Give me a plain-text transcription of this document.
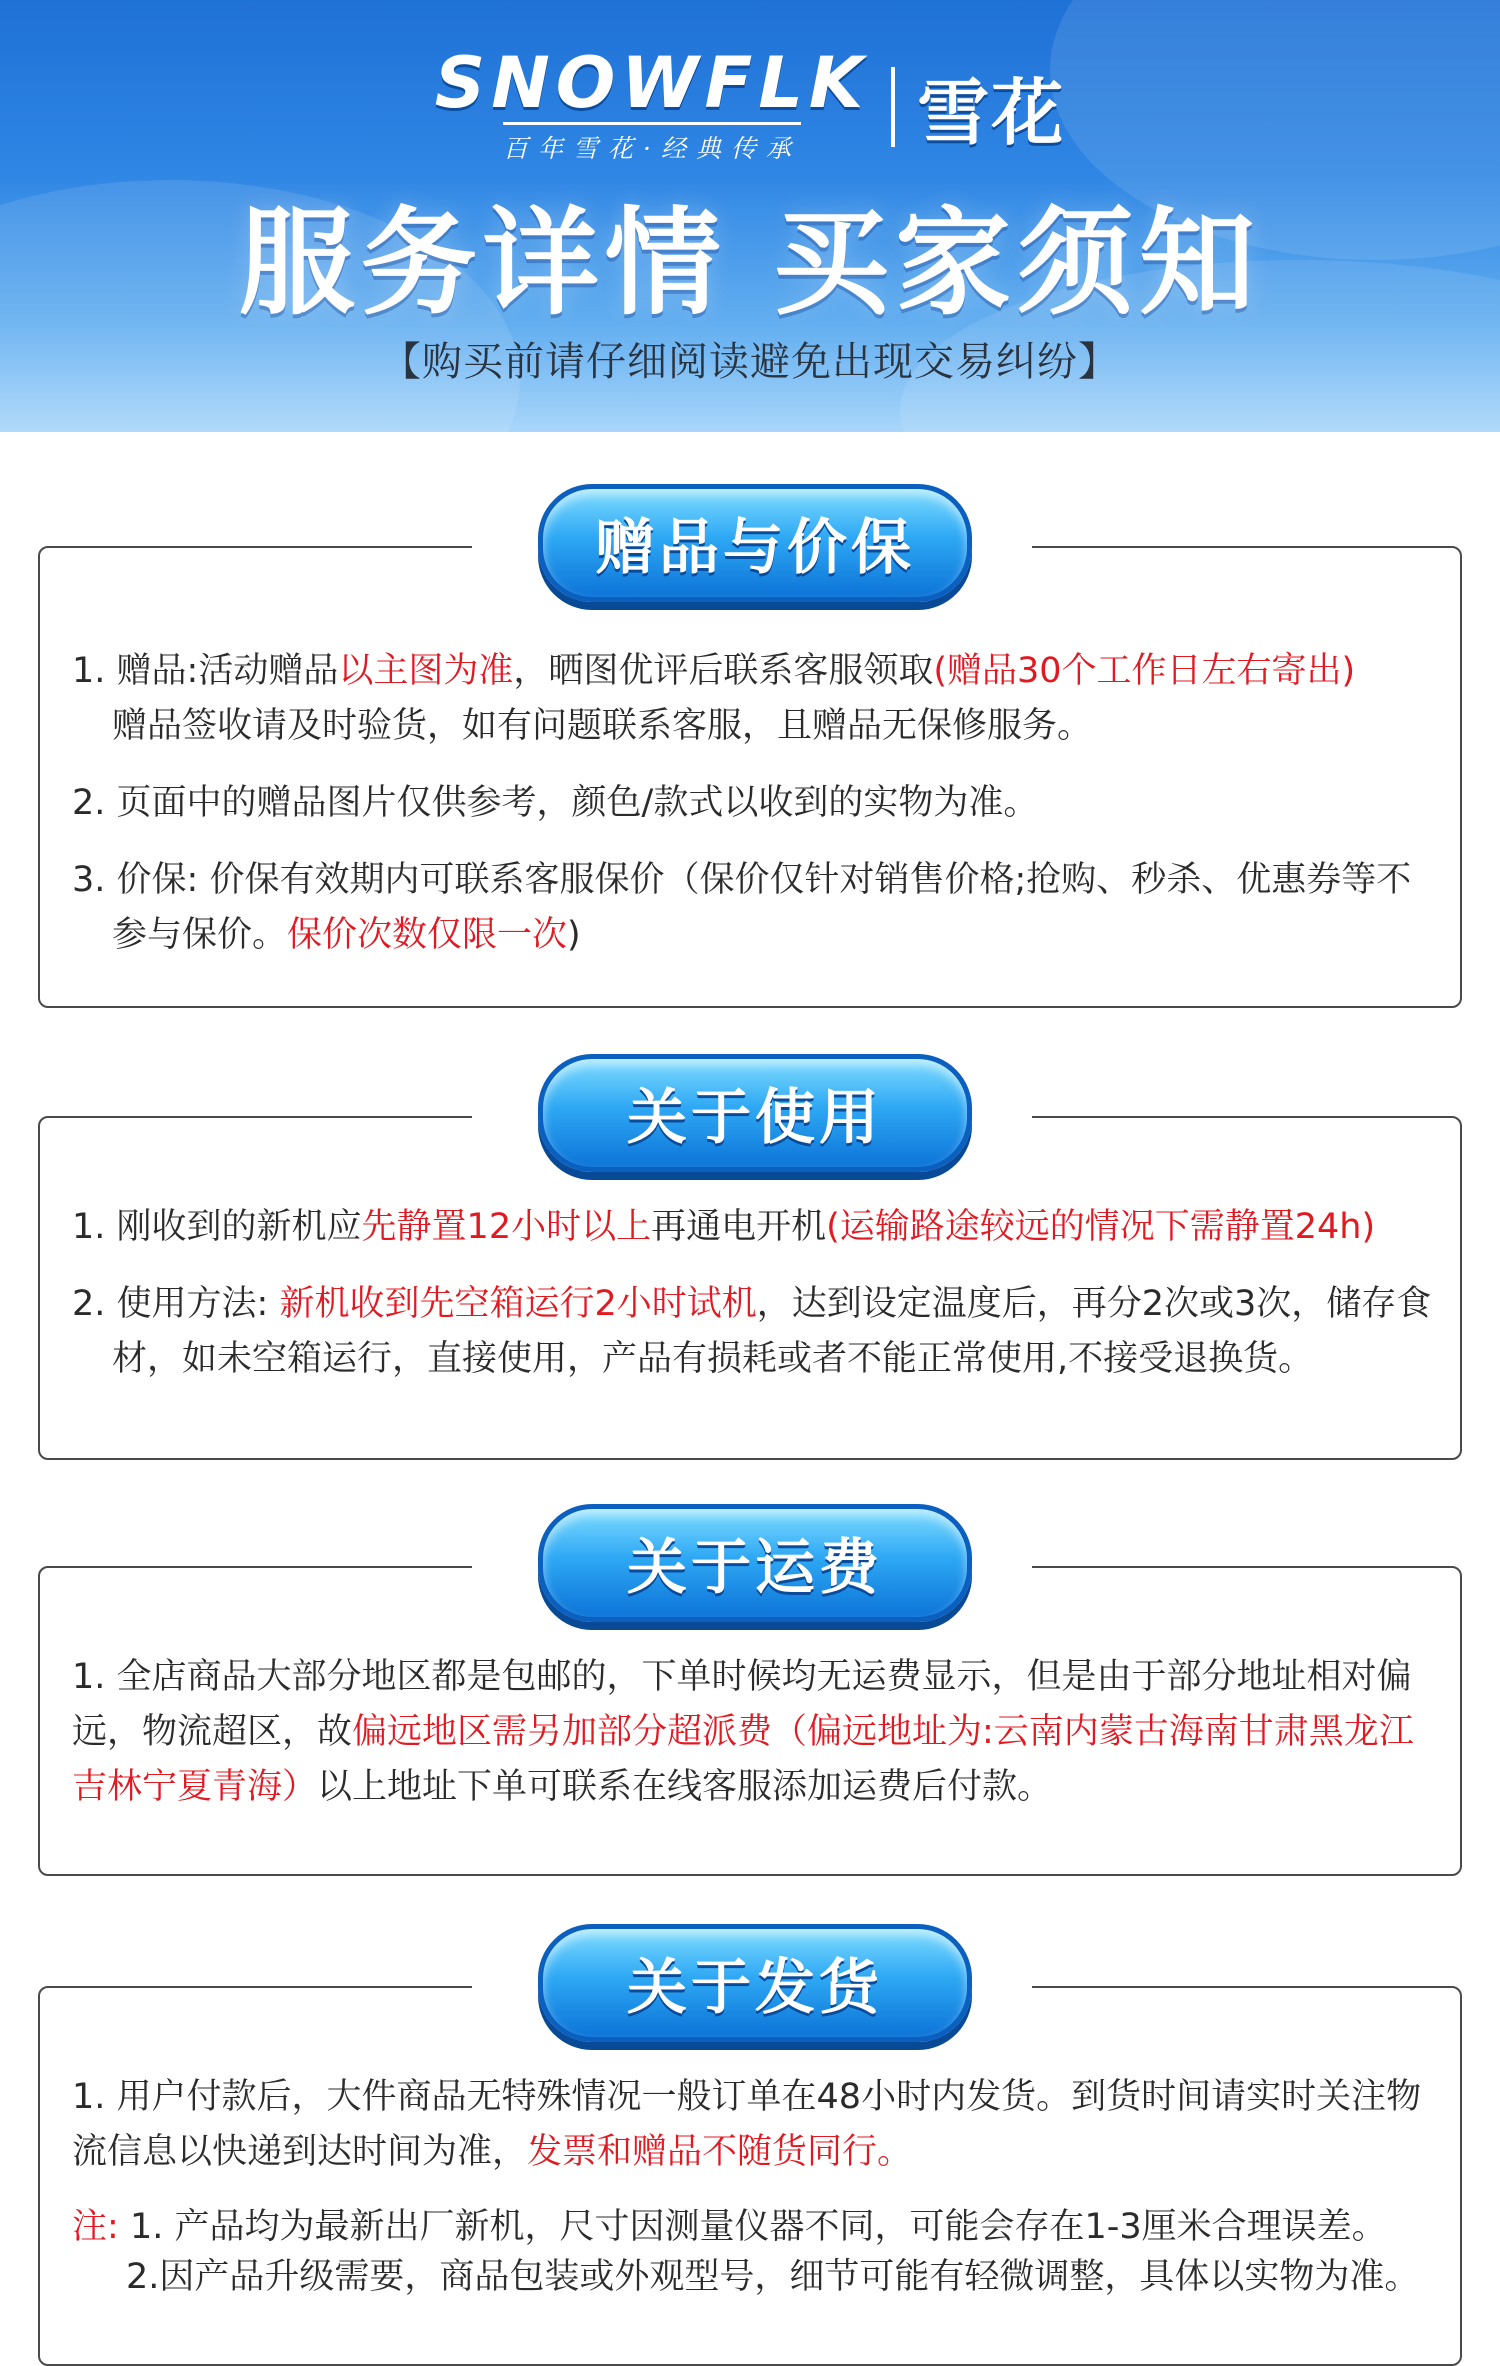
SNOWFLK
百年雪花·经典传承 雪花
服务详情 买家须知
【购买前请仔细阅读避免出现交易纠纷】
赠品与价保

1. 赠品:活动赠品以主图为准，晒图优评后联系客服领取(赠品30个工作日左右寄出)
赠品签收请及时验货，如有问题联系客服，且赠品无保修服务。

2. 页面中的赠品图片仅供参考，颜色/款式以收到的实物为准。

3. 价保: 价保有效期内可联系客服保价（保价仅针对销售价格;抢购、秒杀、优惠券等不参与保价。保价次数仅限一次)

关于使用

1. 刚收到的新机应先静置12小时以上再通电开机(运输路途较远的情况下需静置24h)

2. 使用方法: 新机收到先空箱运行2小时试机，达到设定温度后，再分2次或3次，储存食材，如未空箱运行，直接使用，产品有损耗或者不能正常使用,不接受退换货。

关于运费

1. 全店商品大部分地区都是包邮的，下单时候均无运费显示，但是由于部分地址相对偏远，物流超区，故偏远地区需另加部分超派费（偏远地址为:云南内蒙古海南甘肃黑龙江吉林宁夏青海）以上地址下单可联系在线客服添加运费后付款。

关于发货

1. 用户付款后，大件商品无特殊情况一般订单在48小时内发货。到货时间请实时关注物流信息以快递到达时间为准，发票和赠品不随货同行。

注: 1. 产品均为最新出厂新机，尺寸因测量仪器不同，可能会存在1-3厘米合理误差。
2.因产品升级需要，商品包装或外观型号，细节可能有轻微调整，具体以实物为准。
